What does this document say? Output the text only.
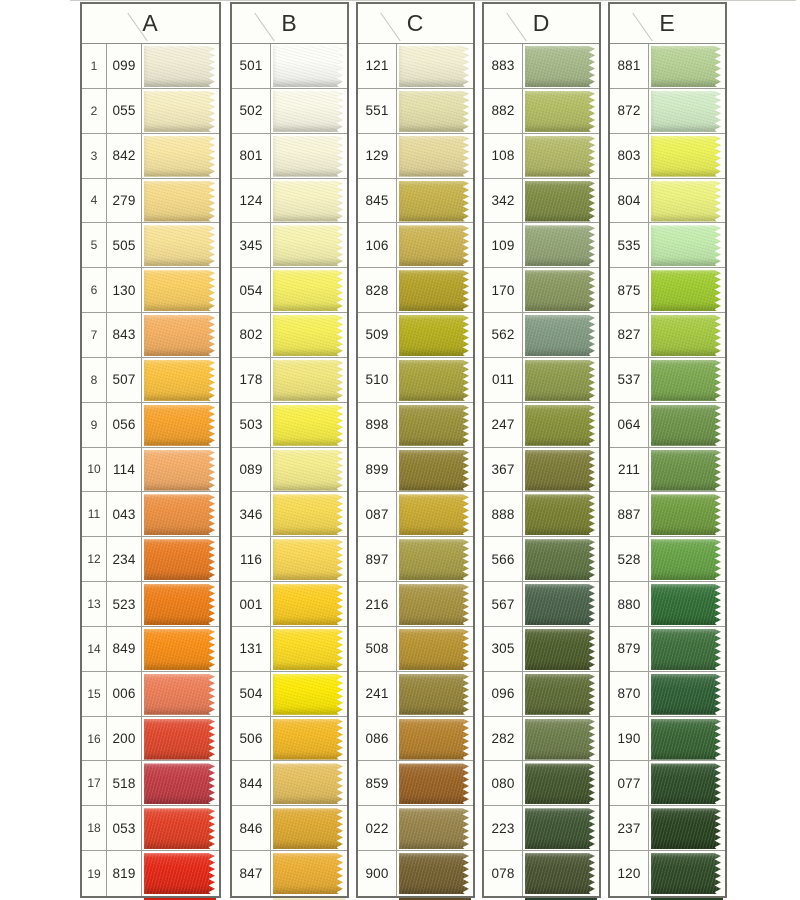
A
1	099
2	055
3	842
4	279
5	505
6	130
7	843
8	507
9	056
10 114
11 043
12 234
13 523
14 849
15 006
16 200
17 518
18 053
19 819
B
501
502
801
124
345
054
802
178
503
089
346
116
001
131
504
506
844
846
847
C
121
551
129
845
106
828
509
510
898
899
087
897
216
508
241
086
859
022
900
D
883
882
108
342
109
170
562
011
247
367
888
566
567
305
096
282
080
223
078
E
881
872
803
804
535
875
827
537
064
211
887
528
880
879
870
190
077
237
120
